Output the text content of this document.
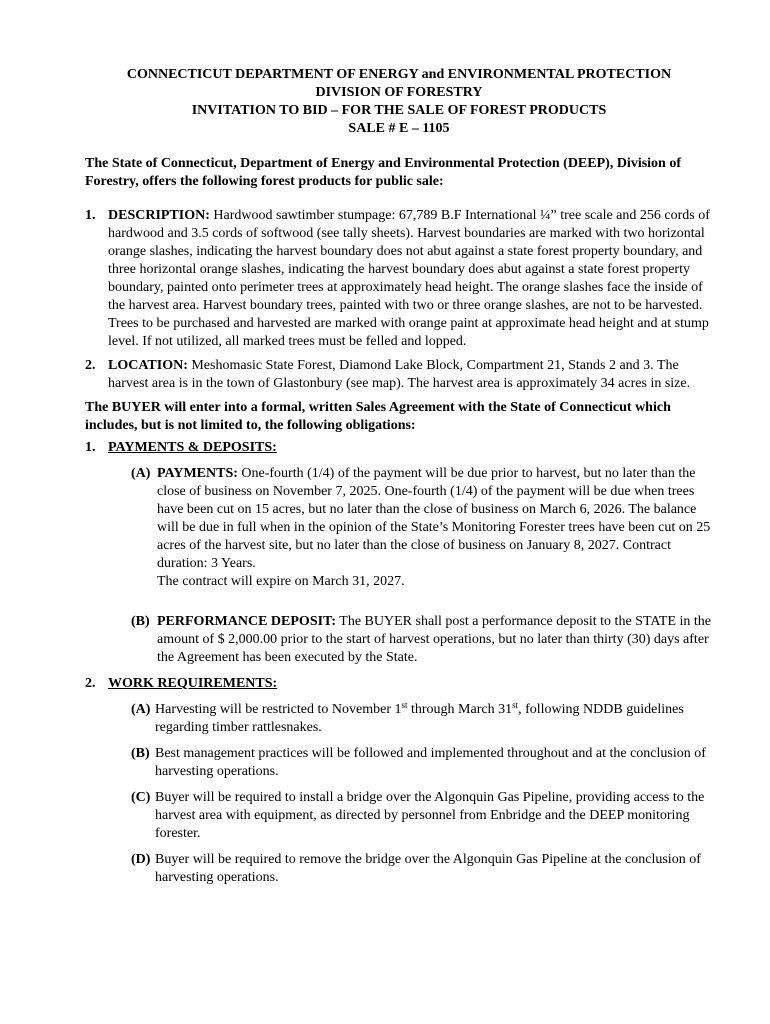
CONNECTICUT DEPARTMENT OF ENERGY and ENVIRONMENTAL PROTECTION
DIVISION OF FORESTRY
INVITATION TO BID – FOR THE SALE OF FOREST PRODUCTS
SALE # E – 1105
The State of Connecticut, Department of Energy and Environmental Protection (DEEP), Division of Forestry, offers the following forest products for public sale:
1. DESCRIPTION: Hardwood sawtimber stumpage: 67,789 B.F International ¼” tree scale and 256 cords of hardwood and 3.5 cords of softwood (see tally sheets). Harvest boundaries are marked with two horizontal orange slashes, indicating the harvest boundary does not abut against a state forest property boundary, and three horizontal orange slashes, indicating the harvest boundary does abut against a state forest property boundary, painted onto perimeter trees at approximately head height. The orange slashes face the inside of the harvest area. Harvest boundary trees, painted with two or three orange slashes, are not to be harvested. Trees to be purchased and harvested are marked with orange paint at approximate head height and at stump level. If not utilized, all marked trees must be felled and lopped.
2. LOCATION: Meshomasic State Forest, Diamond Lake Block, Compartment 21, Stands 2 and 3. The harvest area is in the town of Glastonbury (see map). The harvest area is approximately 34 acres in size.
The BUYER will enter into a formal, written Sales Agreement with the State of Connecticut which includes, but is not limited to, the following obligations:
1. PAYMENTS & DEPOSITS:
(A) PAYMENTS: One-fourth (1/4) of the payment will be due prior to harvest, but no later than the close of business on November 7, 2025. One-fourth (1/4) of the payment will be due when trees have been cut on 15 acres, but no later than the close of business on March 6, 2026. The balance will be due in full when in the opinion of the State’s Monitoring Forester trees have been cut on 25 acres of the harvest site, but no later than the close of business on January 8, 2027. Contract duration: 3 Years.
The contract will expire on March 31, 2027.
(B) PERFORMANCE DEPOSIT: The BUYER shall post a performance deposit to the STATE in the amount of $ 2,000.00 prior to the start of harvest operations, but no later than thirty (30) days after the Agreement has been executed by the State.
2. WORK REQUIREMENTS:
(A) Harvesting will be restricted to November 1st through March 31st, following NDDB guidelines regarding timber rattlesnakes.
(B) Best management practices will be followed and implemented throughout and at the conclusion of harvesting operations.
(C) Buyer will be required to install a bridge over the Algonquin Gas Pipeline, providing access to the harvest area with equipment, as directed by personnel from Enbridge and the DEEP monitoring forester.
(D) Buyer will be required to remove the bridge over the Algonquin Gas Pipeline at the conclusion of harvesting operations.
